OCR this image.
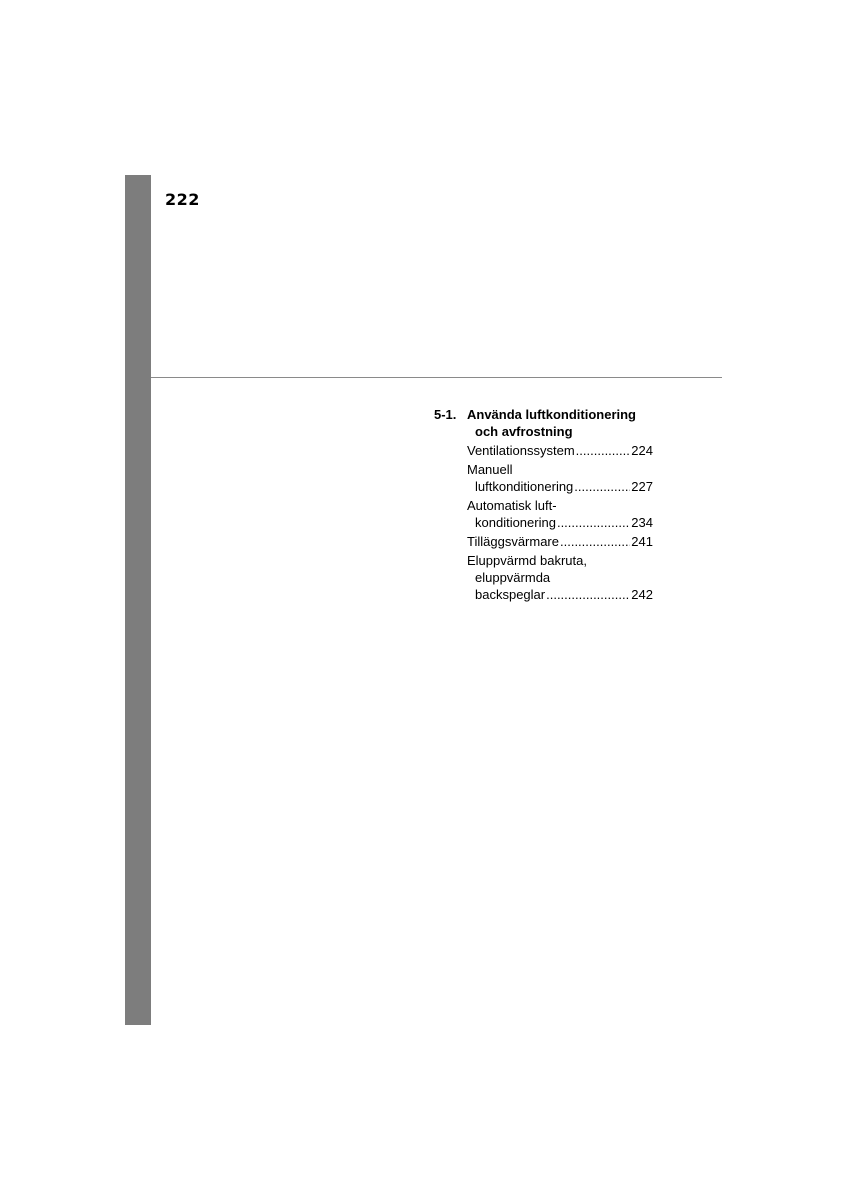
222
5-1. Använda luftkonditionering
och avfrostning
Ventilationssystem .....	224
Manuell
luftkonditionering .....	227
Automatisk luft-
konditionering .....	234
Tilläggsvärmare .....	241
Eluppvärmd bakruta,
eluppvärmda
backspeglar .....	242
